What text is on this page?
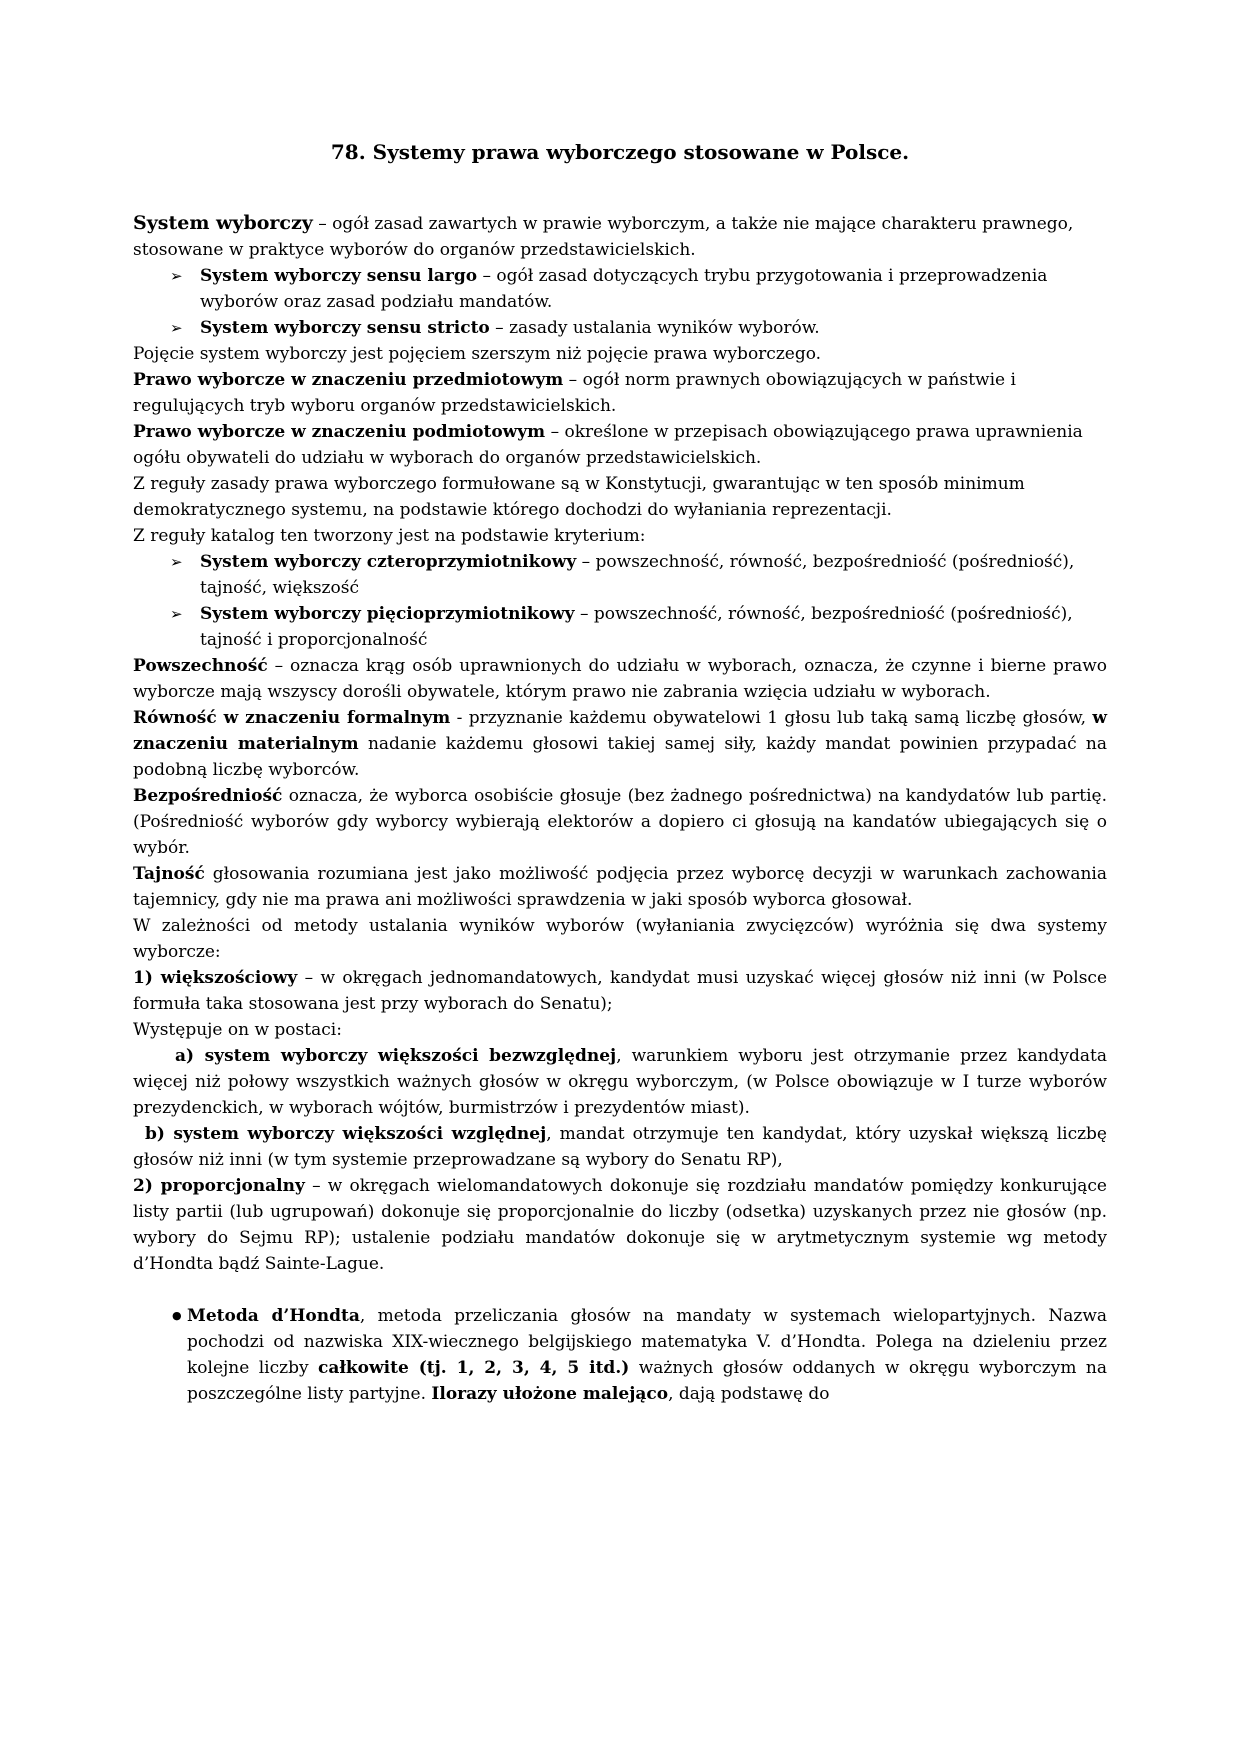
78. Systemy prawa wyborczego stosowane w Polsce.

System wyborczy – ogół zasad zawartych w prawie wyborczym, a także nie mające charakteru prawnego, stosowane w praktyce wyborów do organów przedstawicielskich.

➢	System wyborczy sensu largo – ogół zasad dotyczących trybu przygotowania i przeprowadzenia wyborów oraz zasad podziału mandatów.
➢	System wyborczy sensu stricto – zasady ustalania wyników wyborów.

Pojęcie system wyborczy jest pojęciem szerszym niż pojęcie prawa wyborczego.

Prawo wyborcze w znaczeniu przedmiotowym – ogół norm prawnych obowiązujących w państwie i regulujących tryb wyboru organów przedstawicielskich.

Prawo wyborcze w znaczeniu podmiotowym – określone w przepisach obowiązującego prawa uprawnienia ogółu obywateli do udziału w wyborach do organów przedstawicielskich.

Z reguły zasady prawa wyborczego formułowane są w Konstytucji, gwarantując w ten sposób minimum demokratycznego systemu, na podstawie którego dochodzi do wyłaniania reprezentacji.

Z reguły katalog ten tworzony jest na podstawie kryterium:

➢	System wyborczy czteroprzymiotnikowy – powszechność, równość, bezpośredniość (pośredniość), tajność, większość
➢	System wyborczy pięcioprzymiotnikowy – powszechność, równość, bezpośredniość (pośredniość), tajność i proporcjonalność

Powszechność – oznacza krąg osób uprawnionych do udziału w wyborach, oznacza, że czynne i bierne prawo wyborcze mają wszyscy dorośli obywatele, którym prawo nie zabrania wzięcia udziału w wyborach.

Równość w znaczeniu formalnym - przyznanie każdemu obywatelowi 1 głosu lub taką samą liczbę głosów, w znaczeniu materialnym nadanie każdemu głosowi takiej samej siły, każdy mandat powinien przypadać na podobną liczbę wyborców.

Bezpośredniość oznacza, że wyborca osobiście głosuje (bez żadnego pośrednictwa) na kandydatów lub partię. (Pośredniość wyborów gdy wyborcy wybierają elektorów a dopiero ci głosują na kandatów ubiegających się o wybór.

Tajność głosowania rozumiana jest jako możliwość podjęcia przez wyborcę decyzji w warunkach zachowania tajemnicy, gdy nie ma prawa ani możliwości sprawdzenia w jaki sposób wyborca głosował.

W zależności od metody ustalania wyników wyborów (wyłaniania zwycięzców) wyróżnia się dwa systemy wyborcze:

1) większościowy – w okręgach jednomandatowych, kandydat musi uzyskać więcej głosów niż inni (w Polsce formuła taka stosowana jest przy wyborach do Senatu);

Występuje on w postaci:

a) system wyborczy większości bezwzględnej, warunkiem wyboru jest otrzymanie przez kandydata więcej niż połowy wszystkich ważnych głosów w okręgu wyborczym, (w Polsce obowiązuje w I turze wyborów prezydenckich, w wyborach wójtów, burmistrzów i prezydentów miast).

b) system wyborczy większości względnej, mandat otrzymuje ten kandydat, który uzyskał większą liczbę głosów niż inni (w tym systemie przeprowadzane są wybory do Senatu RP),

2) proporcjonalny – w okręgach wielomandatowych dokonuje się rozdziału mandatów pomiędzy konkurujące listy partii (lub ugrupowań) dokonuje się proporcjonalnie do liczby (odsetka) uzyskanych przez nie głosów (np. wybory do Sejmu RP); ustalenie podziału mandatów dokonuje się w arytmetycznym systemie wg metody d’Hondta bądź Sainte-Lague.

● Metoda d’Hondta, metoda przeliczania głosów na mandaty w systemach wielopartyjnych. Nazwa pochodzi od nazwiska XIX-wiecznego belgijskiego matematyka V. d’Hondta. Polega na dzieleniu przez kolejne liczby całkowite (tj. 1, 2, 3, 4, 5 itd.) ważnych głosów oddanych w okręgu wyborczym na poszczególne listy partyjne. Ilorazy ułożone malejąco, dają podstawę do
